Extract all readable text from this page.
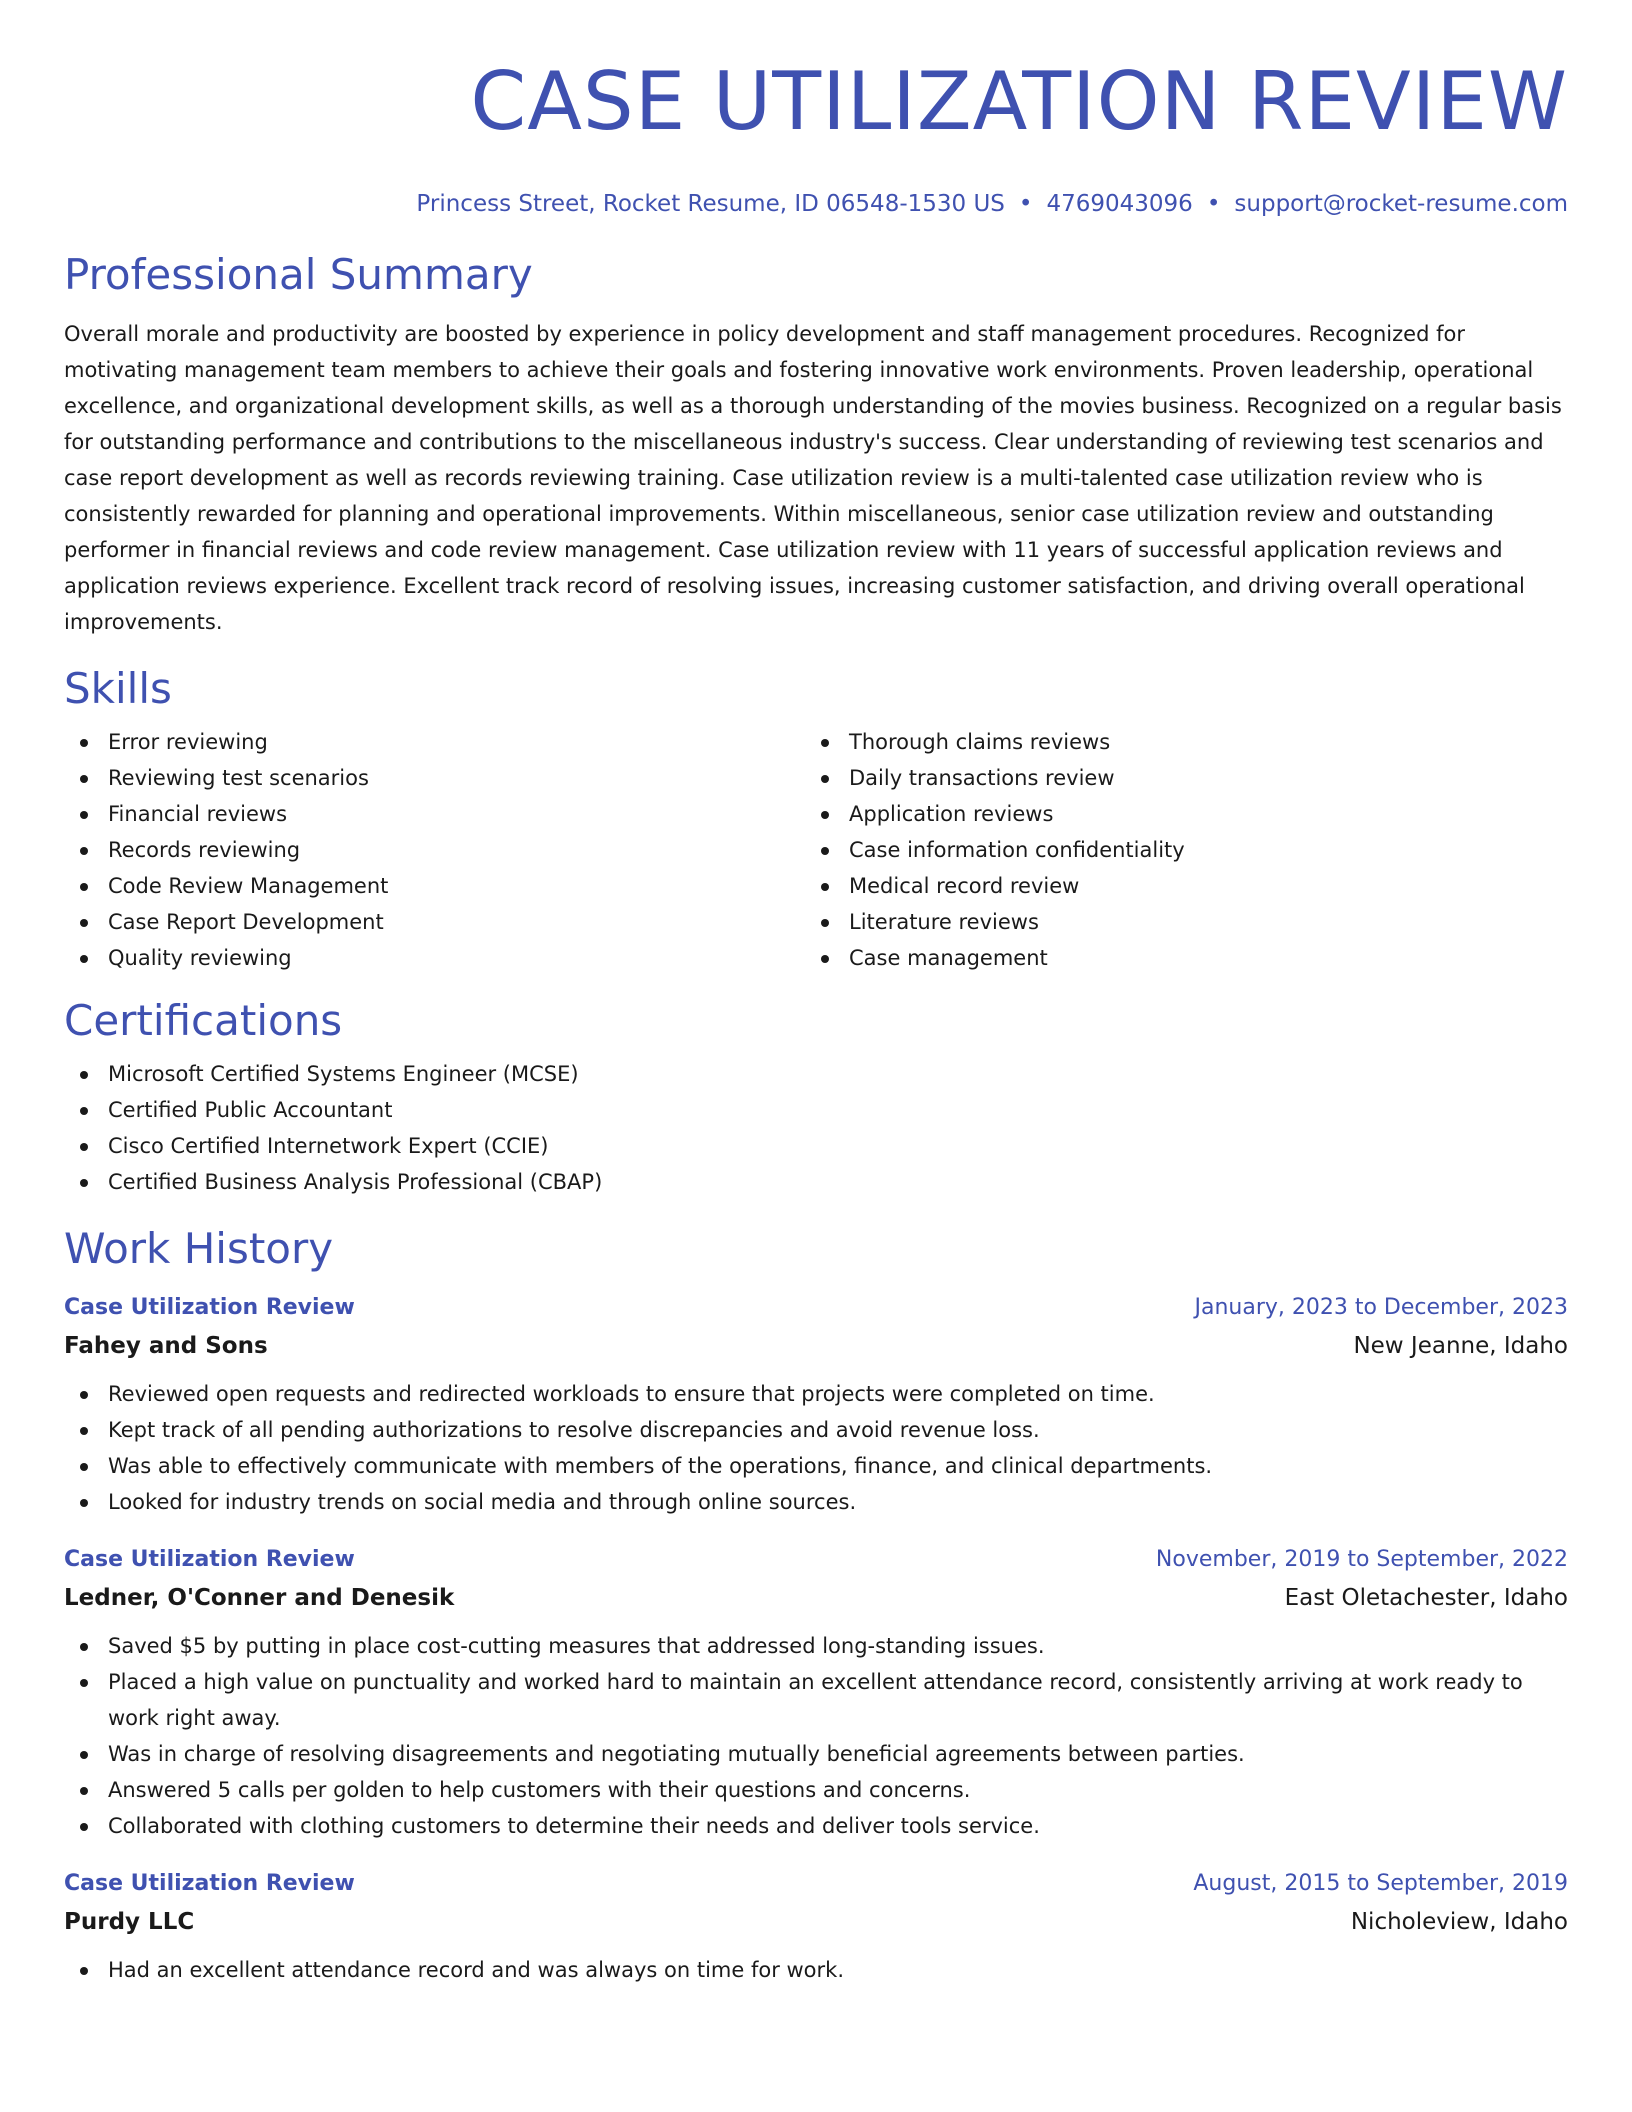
CASE UTILIZATION REVIEW
Princess Street, Rocket Resume, ID 06548-1530 US • 4769043096 • support@rocket-resume.com
Professional Summary

Overall morale and productivity are boosted by experience in policy development and staff management procedures. Recognized for motivating management team members to achieve their goals and fostering innovative work environments. Proven leadership, operational excellence, and organizational development skills, as well as a thorough understanding of the movies business. Recognized on a regular basis for outstanding performance and contributions to the miscellaneous industry's success. Clear understanding of reviewing test scenarios and case report development as well as records reviewing training. Case utilization review is a multi-talented case utilization review who is consistently rewarded for planning and operational improvements. Within miscellaneous, senior case utilization review and outstanding performer in financial reviews and code review management. Case utilization review with 11 years of successful application reviews and application reviews experience. Excellent track record of resolving issues, increasing customer satisfaction, and driving overall operational improvements.

Skills
Error reviewing
Reviewing test scenarios
Financial reviews
Records reviewing
Code Review Management
Case Report Development
Quality reviewing
Thorough claims reviews
Daily transactions review
Application reviews
Case information confidentiality
Medical record review
Literature reviews
Case management
Certifications
Microsoft Certified Systems Engineer (MCSE)
Certified Public Accountant
Cisco Certified Internetwork Expert (CCIE)
Certified Business Analysis Professional (CBAP)
Work History
Case Utilization Review	January, 2023 to December, 2023
Fahey and Sons	New Jeanne, Idaho
Reviewed open requests and redirected workloads to ensure that projects were completed on time.
Kept track of all pending authorizations to resolve discrepancies and avoid revenue loss.
Was able to effectively communicate with members of the operations, finance, and clinical departments.
Looked for industry trends on social media and through online sources.
Case Utilization Review	November, 2019 to September, 2022
Ledner, O'Conner and Denesik	East Oletachester, Idaho
Saved $5 by putting in place cost-cutting measures that addressed long-standing issues.
Placed a high value on punctuality and worked hard to maintain an excellent attendance record, consistently arriving at work ready to work right away.
Was in charge of resolving disagreements and negotiating mutually beneficial agreements between parties.
Answered 5 calls per golden to help customers with their questions and concerns.
Collaborated with clothing customers to determine their needs and deliver tools service.
Case Utilization Review	August, 2015 to September, 2019
Purdy LLC	Nicholeview, Idaho
Had an excellent attendance record and was always on time for work.
